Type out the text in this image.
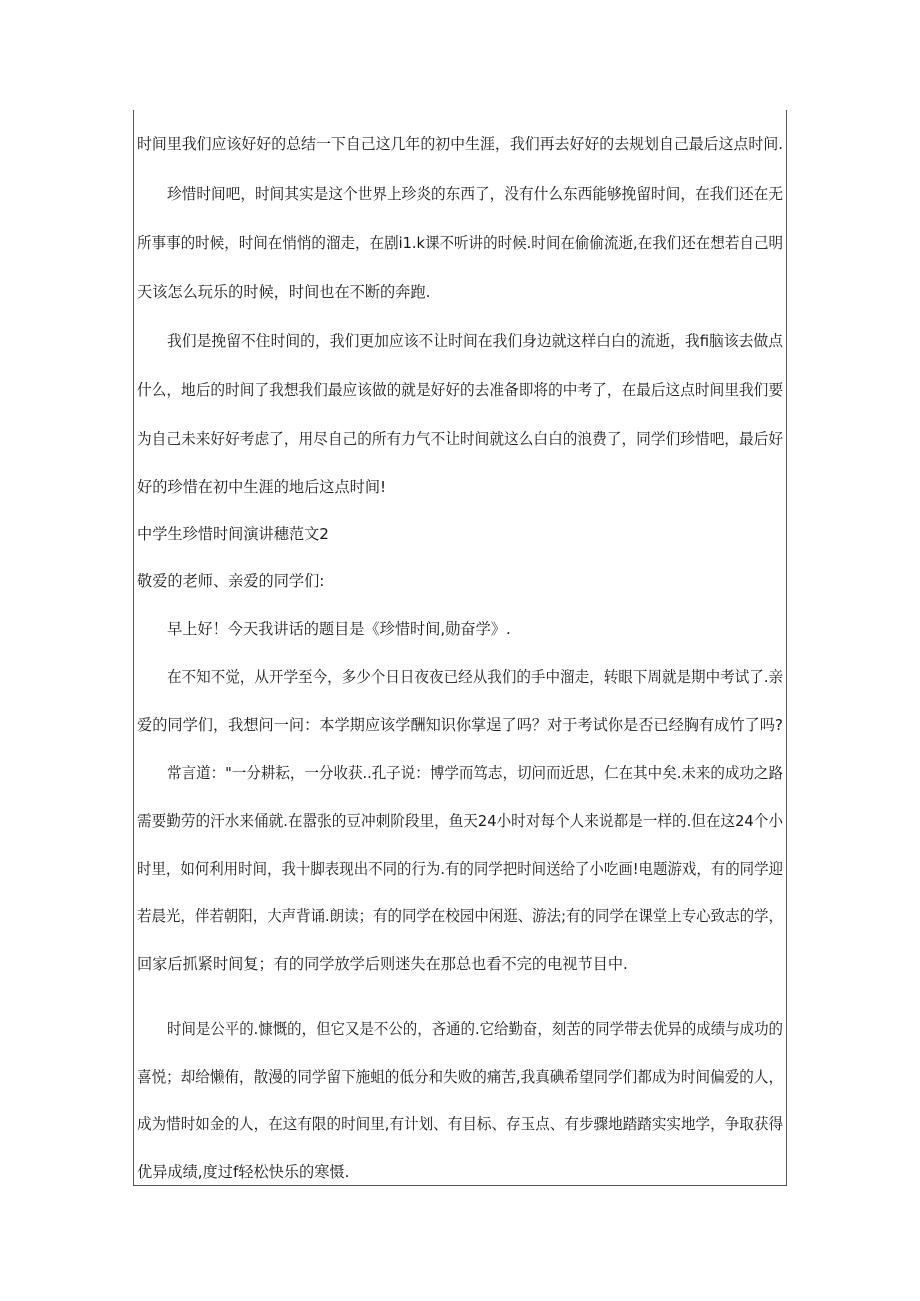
时间里我们应该好好的总结一下自己这几年的初中生涯，我们再去好好的去规划自己最后这点时间.
珍惜时间吧，时间其实是这个世界上珍炎的东西了，没有什么东西能够挽留时间，在我们还在无
所事事的时候，时间在悄悄的溜走，在剧i1.k课不听讲的时候.时间在偷偷流逝,在我们还在想若自己明
天该怎么玩乐的时候，时间也在不断的奔跑.
我们是挽留不住时间的，我们更加应该不让时间在我们身边就这样白白的流逝，我fi脑该去做点
什么，地后的时间了我想我们最应该做的就是好好的去准备即将的中考了，在最后这点时间里我们要
为自己未来好好考虑了，用尽自己的所有力气不让时间就这么白白的浪费了，同学们珍惜吧，最后好
好的珍惜在初中生涯的地后这点时间!
中学生珍惜时间演讲穗范文2
敬爱的老师、亲爱的同学们:
早上好！今天我讲话的题目是《珍惜时间,勋奋学》.
在不知不觉，从开学至今，多少个日日夜夜已经从我们的手中溜走，转眼下周就是期中考试了.亲
爱的同学们，我想问一问：本学期应该学酬知识你掌逞了吗？对于考试你是否已经胸有成竹了吗?
常言道："一分耕耘，一分收获..孔子说：博学而笃志，切问而近思，仁在其中矣.未来的成功之路
需要勤劳的汗水来俑就.在嚣张的豆冲刺阶段里，鱼天24小时对每个人来说都是一样的.但在这24个小
时里，如何利用时间，我十脚表现出不同的行为.有的同学把时间送给了小吃画!电题游戏，有的同学迎
若晨光，伴若朝阳，大声背诵.朗读；有的同学在校园中闲逛、游法;有的同学在课堂上专心致志的学，
回家后抓紧时间复；有的同学放学后则迷失在那总也看不完的电视节目中.
时间是公平的.慷慨的，但它又是不公的，吝通的.它给勤奋，刻苦的同学带去优异的成绩与成功的
喜悦；却给懒侑，散漫的同学留下施蛆的低分和失败的痛苦,我真碘希望同学们都成为时间偏爱的人，
成为惜时如金的人，在这有限的时间里,有计划、有目标、存玉点、有步骤地踏踏实实地学，争取获得
优异成绩,度过f轻松快乐的寒慑.
